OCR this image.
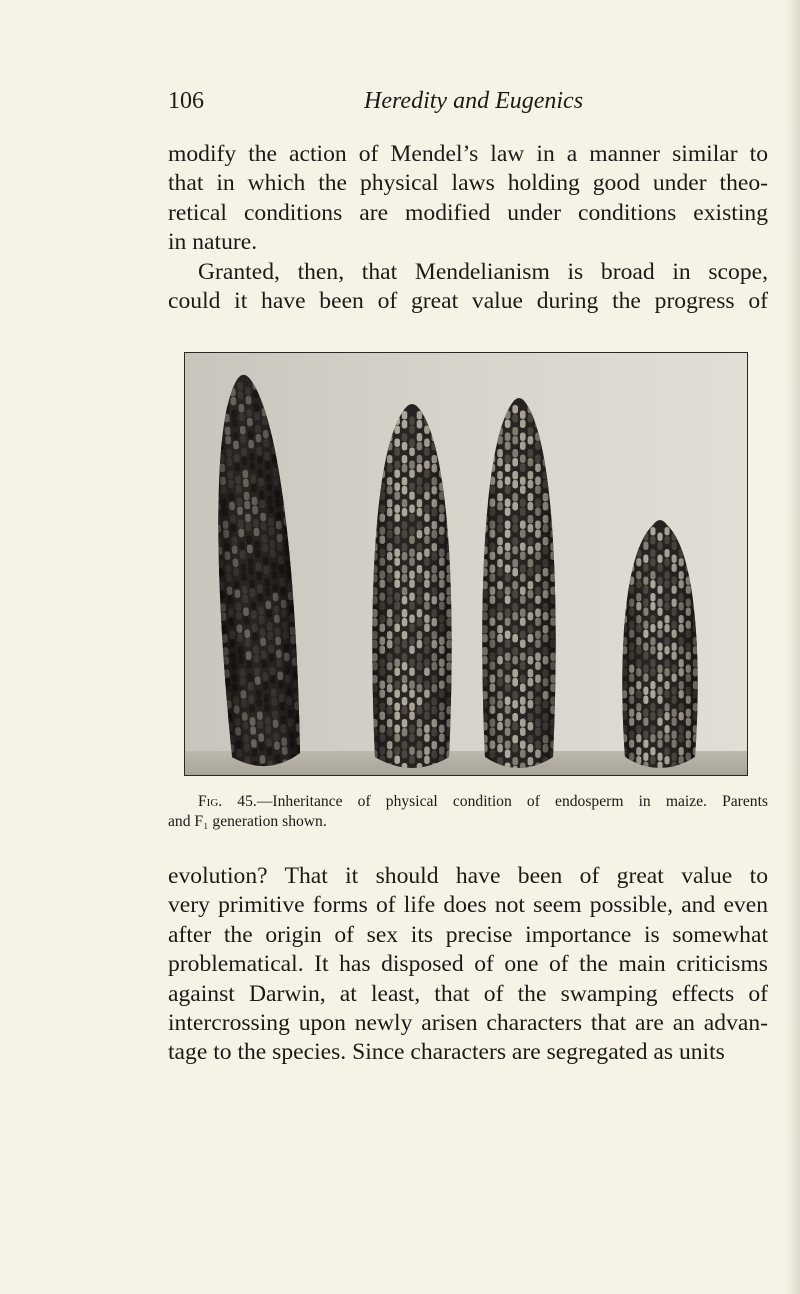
106	Heredity and Eugenics

modify the action of Mendel’s law in a manner similar to
that in which the physical laws holding good under theo-
retical conditions are modified under conditions existing
in nature.
Granted, then, that Mendelianism is broad in scope,
could it have been of great value during the progress of

Fig. 45.—Inheritance of physical condition of endosperm in maize. Parents
and F₁ generation shown.

evolution? That it should have been of great value to
very primitive forms of life does not seem possible, and even
after the origin of sex its precise importance is somewhat
problematical. It has disposed of one of the main criticisms
against Darwin, at least, that of the swamping effects of
intercrossing upon newly arisen characters that are an advan-
tage to the species. Since characters are segregated as units
